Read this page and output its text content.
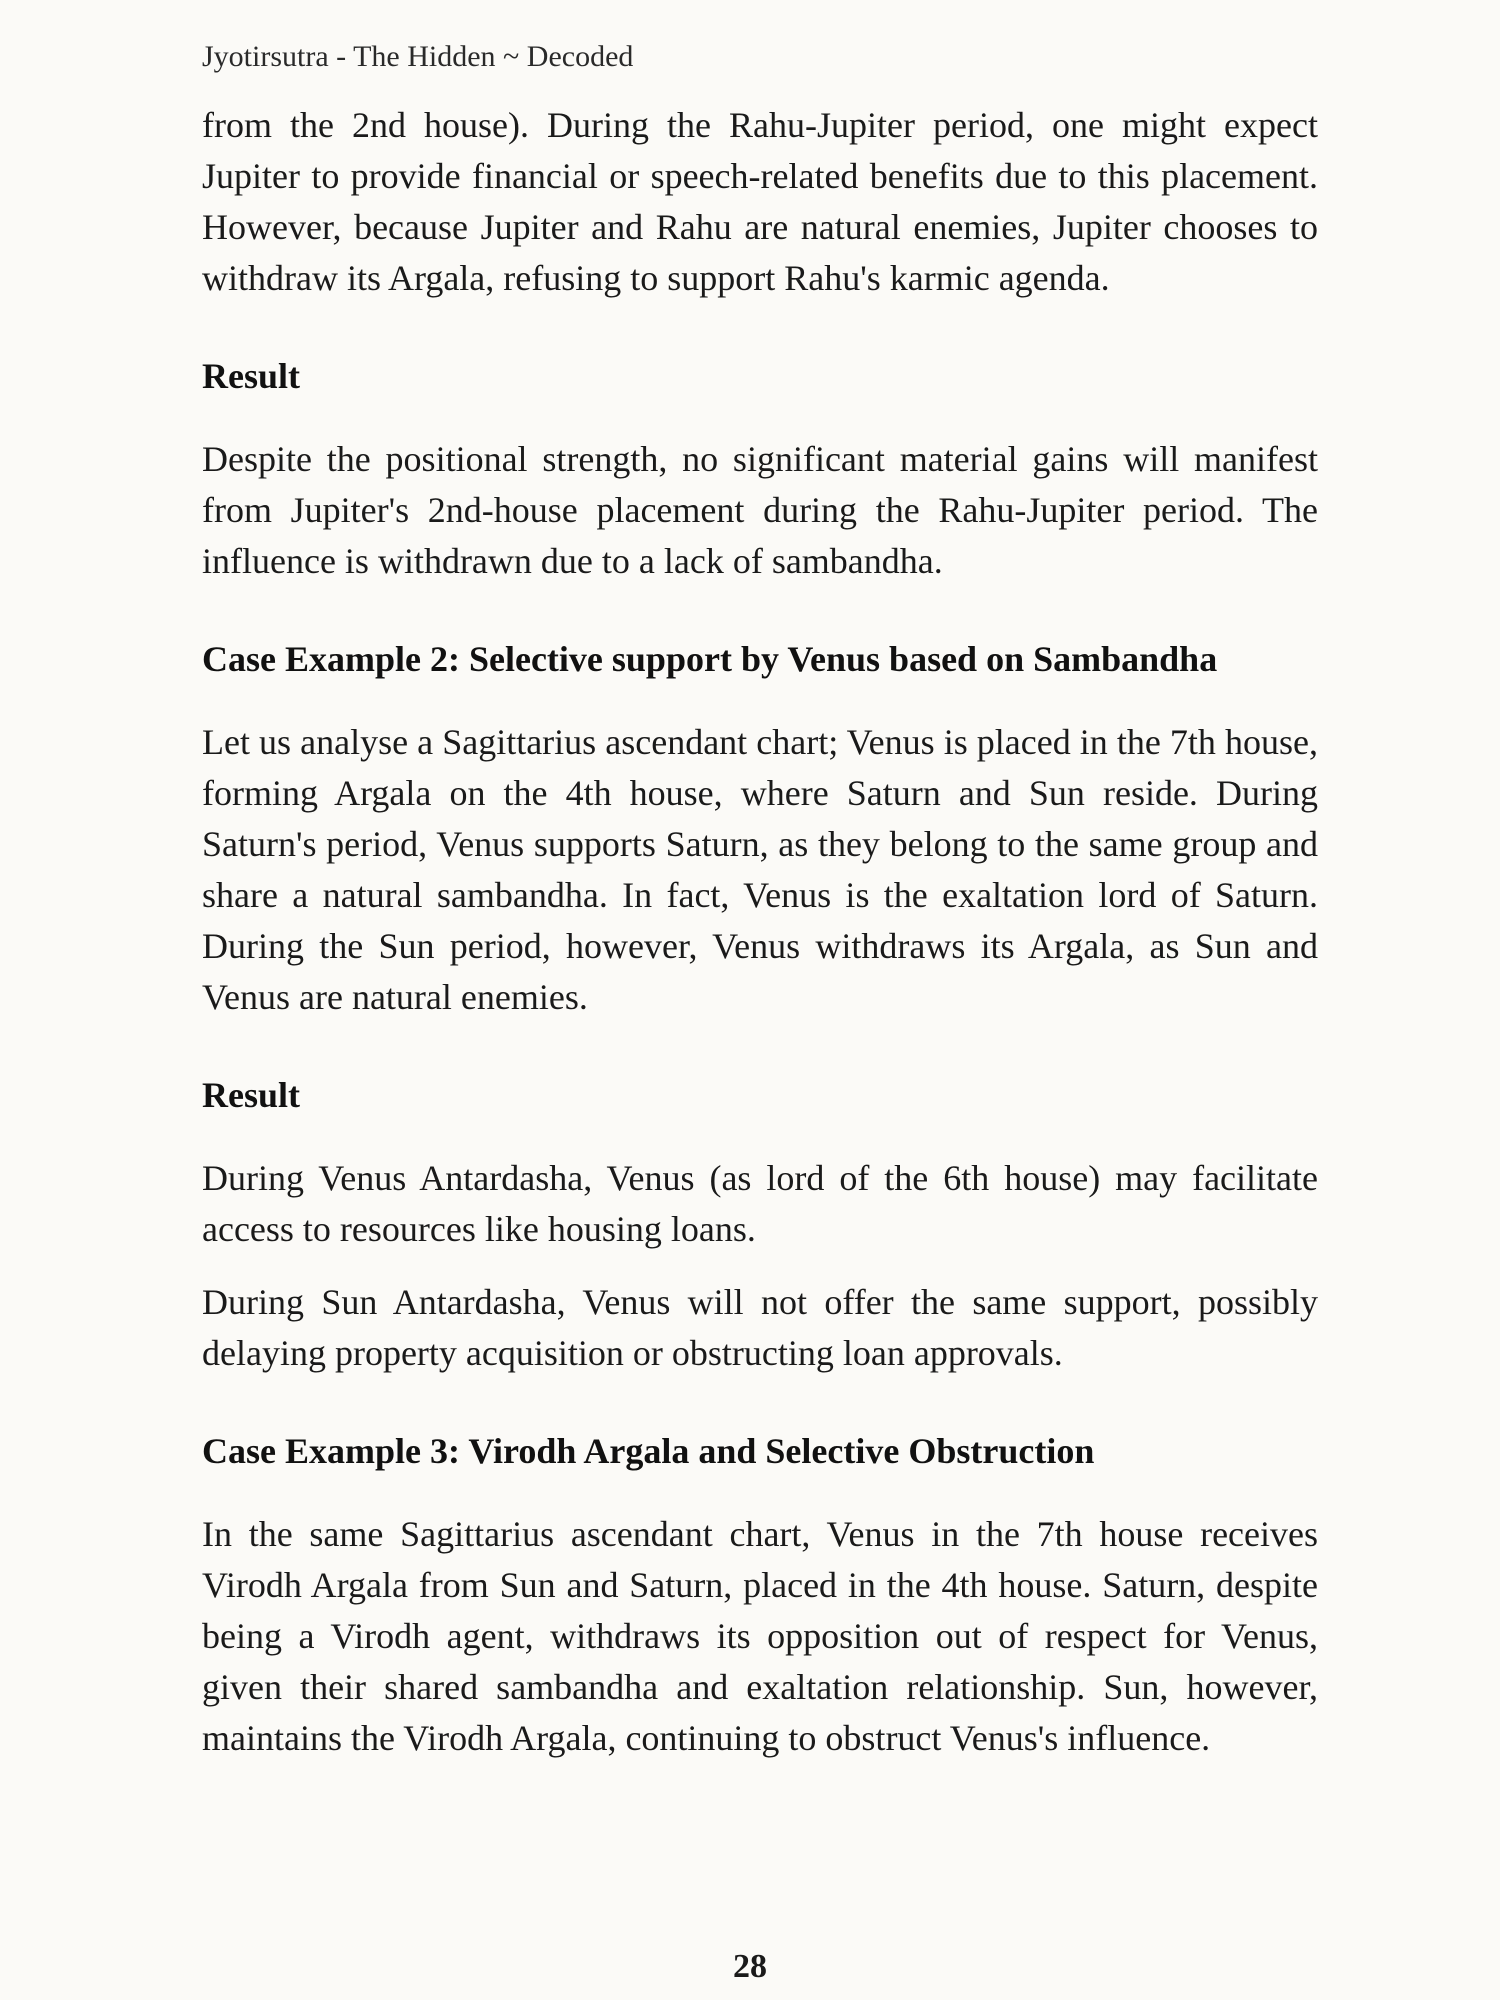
Jyotirsutra - The Hidden ~ Decoded

from the 2nd house). During the Rahu-Jupiter period, one might expect Jupiter to provide financial or speech-related benefits due to this placement. However, because Jupiter and Rahu are natural enemies, Jupiter chooses to withdraw its Argala, refusing to support Rahu's karmic agenda.

Result

Despite the positional strength, no significant material gains will manifest from Jupiter's 2nd-house placement during the Rahu-Jupiter period. The influence is withdrawn due to a lack of sambandha.

Case Example 2: Selective support by Venus based on Sambandha

Let us analyse a Sagittarius ascendant chart; Venus is placed in the 7th house, forming Argala on the 4th house, where Saturn and Sun reside. During Saturn's period, Venus supports Saturn, as they belong to the same group and share a natural sambandha. In fact, Venus is the exaltation lord of Saturn. During the Sun period, however, Venus withdraws its Argala, as Sun and Venus are natural enemies.

Result

During Venus Antardasha, Venus (as lord of the 6th house) may facilitate access to resources like housing loans.

During Sun Antardasha, Venus will not offer the same support, possibly delaying property acquisition or obstructing loan approvals.

Case Example 3: Virodh Argala and Selective Obstruction

In the same Sagittarius ascendant chart, Venus in the 7th house receives Virodh Argala from Sun and Saturn, placed in the 4th house. Saturn, despite being a Virodh agent, withdraws its opposition out of respect for Venus, given their shared sambandha and exaltation relationship. Sun, however, maintains the Virodh Argala, continuing to obstruct Venus's influence.

28
